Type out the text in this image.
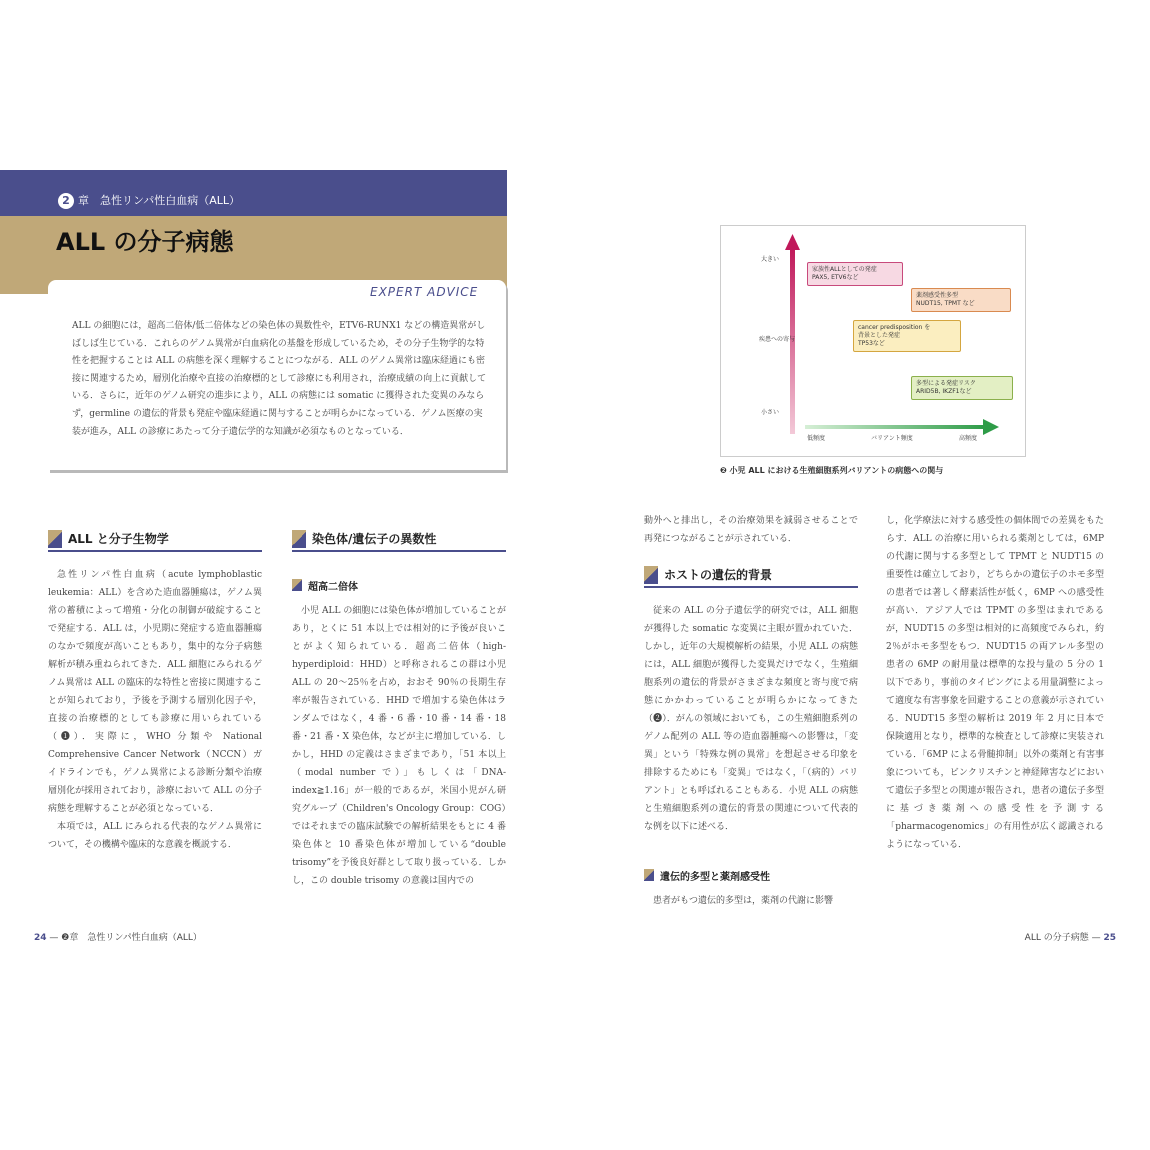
2 章　急性リンパ性白血病（ALL）
ALL の分子病態
EXPERT ADVICE
ALL の細胞には，超高二倍体/低二倍体などの染色体の異数性や，ETV6-RUNX1 などの構造異常がしばしば生じている．これらのゲノム異常が白血病化の基盤を形成しているため，その分子生物学的な特性を把握することは ALL の病態を深く理解することにつながる．ALL のゲノム異常は臨床経過にも密接に関連するため，層別化治療や直接の治療標的として診療にも利用され，治療成績の向上に貢献している．さらに，近年のゲノム研究の進歩により，ALL の病態には somatic に獲得された変異のみならず，germline の遺伝的背景も発症や臨床経過に関与することが明らかになっている．ゲノム医療の実装が進み，ALL の診療にあたって分子遺伝学的な知識が必須なものとなっている．
ALL と分子生物学

急性リンパ性白血病（acute lymphoblastic leukemia：ALL）を含めた造血器腫瘍は，ゲノム異常の蓄積によって増殖・分化の制御が破綻することで発症する．ALL は，小児期に発症する造血器腫瘍のなかで頻度が高いこともあり，集中的な分子病態解析が積み重ねられてきた．ALL 細胞にみられるゲノム異常は ALL の臨床的な特性と密接に関連することが知られており，予後を予測する層別化因子や，直接の治療標的としても診療に用いられている（❶）．実際に，WHO 分類や National Comprehensive Cancer Network（NCCN）ガイドラインでも，ゲノム異常による診断分類や治療層別化が採用されており，診療において ALL の分子病態を理解することが必須となっている．

本項では，ALL にみられる代表的なゲノム異常について，その機構や臨床的な意義を概説する．

染色体/遺伝子の異数性
超高二倍体

小児 ALL の細胞には染色体が増加していることがあり，とくに 51 本以上では相対的に予後が良いことがよく知られている．超高二倍体（high-hyperdiploid：HHD）と呼称されるこの群は小児 ALL の 20～25％を占め，おおそ 90％の長期生存率が報告されている．HHD で増加する染色体はランダムではなく，4 番・6 番・10 番・14 番・18 番・21 番・X 染色体，などが主に増加している．しかし，HHD の定義はさまざまであり，「51 本以上（modal number で）」もしくは「DNA-index≧1.16」が一般的であるが，米国小児がん研究グループ（Children's Oncology Group：COG）ではそれまでの臨床試験での解析結果をもとに 4 番染色体と 10 番染色体が増加している“double trisomy”を予後良好群として取り扱っている．しかし，この double trisomy の意義は国内での

24 — ❷章　急性リンパ性白血病（ALL）
大きい
疾患への寄与
小さい
低頻度	バリアント頻度	高頻度
家族性ALLとしての発症
PAX5, ETV6など
薬剤感受性多型
NUDT15, TPMT など
cancer predisposition を
背景とした発症
TP53など
多型による発症リスク
ARID5B, IKZF1など
❷ 小児 ALL における生殖細胞系列バリアントの病態への関与

動外へと排出し，その治療効果を減弱させることで再発につながることが示されている．

ホストの遺伝的背景

従来の ALL の分子遺伝学的研究では，ALL 細胞が獲得した somatic な変異に主眼が置かれていた．しかし，近年の大規模解析の結果，小児 ALL の病態には，ALL 細胞が獲得した変異だけでなく，生殖細胞系列の遺伝的背景がさまざまな頻度と寄与度で病態にかかわっていることが明らかになってきた（❷）．がんの領域においても，この生殖細胞系列のゲノム配列の ALL 等の造血器腫瘍への影響は，「変異」という「特殊な例の異常」を想起させる印象を排除するためにも「変異」ではなく，「（病的）バリアント」とも呼ばれることもある．小児 ALL の病態と生殖細胞系列の遺伝的背景の関連について代表的な例を以下に述べる．

遺伝的多型と薬剤感受性

患者がもつ遺伝的多型は，薬剤の代謝に影響

し，化学療法に対する感受性の個体間での差異をもたらす．ALL の治療に用いられる薬剤としては，6MP の代謝に関与する多型として TPMT と NUDT15 の重要性は確立しており，どちらかの遺伝子のホモ多型の患者では著しく酵素活性が低く，6MP への感受性が高い．アジア人では TPMT の多型はまれであるが，NUDT15 の多型は相対的に高頻度でみられ，約 2％がホモ多型をもつ．NUDT15 の両アレル多型の患者の 6MP の耐用量は標準的な投与量の 5 分の 1 以下であり，事前のタイピングによる用量調整によって適度な有害事象を回避することの意義が示されている．NUDT15 多型の解析は 2019 年 2 月に日本で保険適用となり，標準的な検査として診療に実装されている．「6MP による骨髄抑制」以外の薬剤と有害事象についても，ビンクリスチンと神経障害などにおいて遺伝子多型との関連が報告され，患者の遺伝子多型に基づき薬剤への感受性を予測する「pharmacogenomics」の有用性が広く認識されるようになっている．

ALL の分子病態 — 25
